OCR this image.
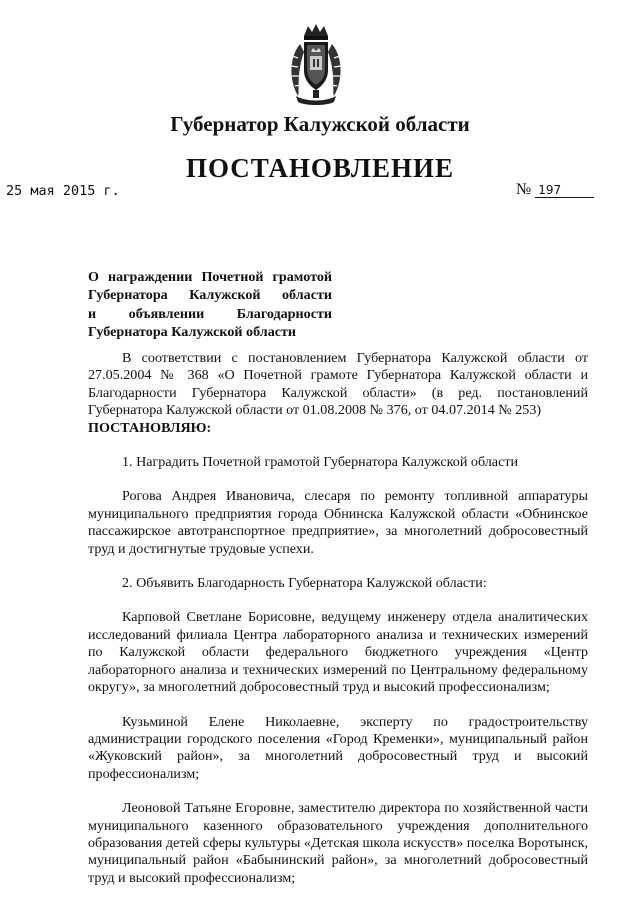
Губернатор Калужской области
ПОСТАНОВЛЕНИЕ
25 мая 2015 г.	№ 197
О награждении Почетной грамотой
Губернатора Калужской области
и объявлении Благодарности
Губернатора Калужской области

В соответствии с постановлением Губернатора Калужской области от 27.05.2004 № 368 «О Почетной грамоте Губернатора Калужской области и Благодарности Губернатора Калужской области» (в ред. постановлений Губернатора Калужской области от 01.08.2008 № 376, от 04.07.2014 № 253)

ПОСТАНОВЛЯЮ:

1. Наградить Почетной грамотой Губернатора Калужской области

Рогова Андрея Ивановича, слесаря по ремонту топливной аппаратуры муниципального предприятия города Обнинска Калужской области «Обнинское пассажирское автотранспортное предприятие», за многолетний добросовестный труд и достигнутые трудовые успехи.

2. Объявить Благодарность Губернатора Калужской области:

Карповой Светлане Борисовне, ведущему инженеру отдела аналитических исследований филиала Центра лабораторного анализа и технических измерений по Калужской области федерального бюджетного учреждения «Центр лабораторного анализа и технических измерений по Центральному федеральному округу», за многолетний добросовестный труд и высокий профессионализм;

Кузьминой Елене Николаевне, эксперту по градостроительству администрации городского поселения «Город Кременки», муниципальный район «Жуковский район», за многолетний добросовестный труд и высокий профессионализм;

Леоновой Татьяне Егоровне, заместителю директора по хозяйственной части муниципального казенного образовательного учреждения дополнительного образования детей сферы культуры «Детская школа искусств» поселка Воротынск, муниципальный район «Бабынинский район», за многолетний добросовестный труд и высокий профессионализм;
